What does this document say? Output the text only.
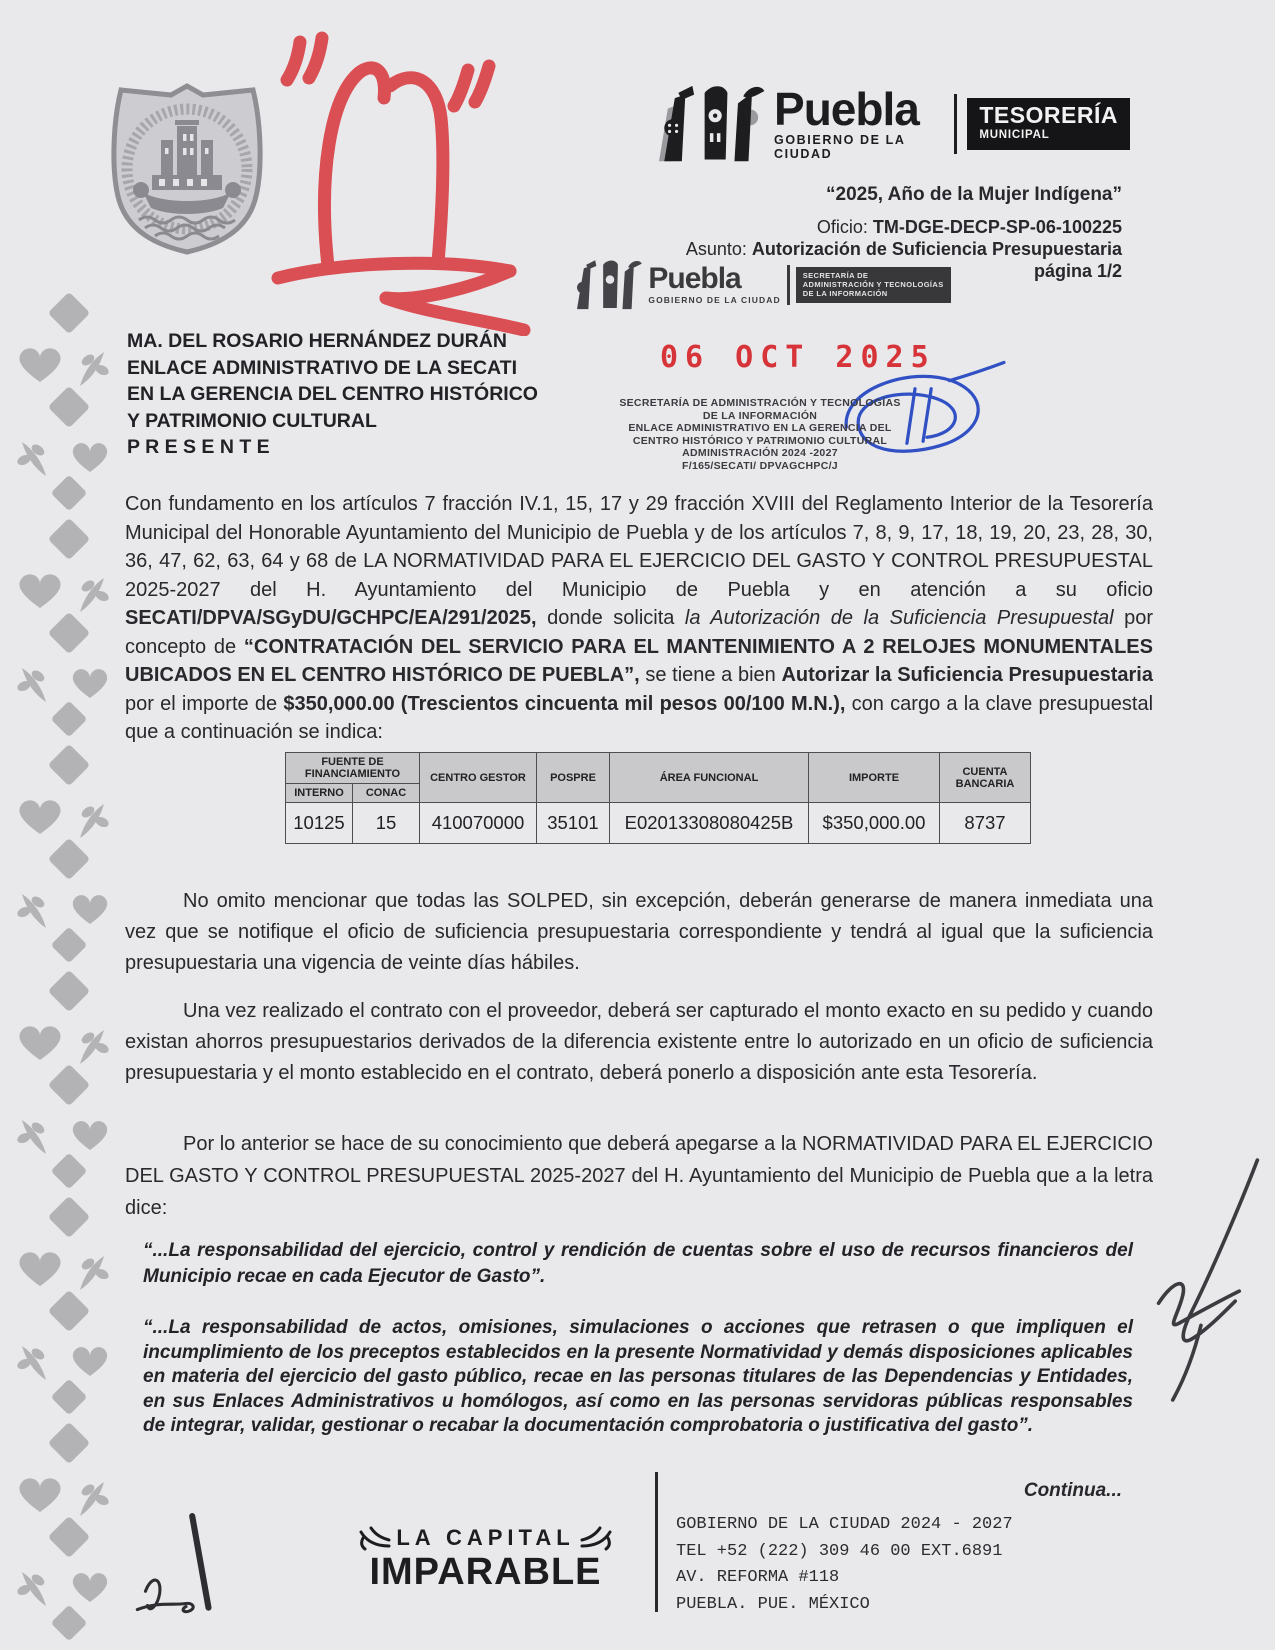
Puebla
GOBIERNO DE LA CIUDAD
TESORERÍA
MUNICIPAL
“2025, Año de la Mujer Indígena”
Oficio: TM-DGE-DECP-SP-06-100225
Asunto: Autorización de Suficiencia Presupuestaria
página 1/2
Puebla
GOBIERNO DE LA CIUDAD
SECRETARÍA DE
ADMINISTRACIÓN Y TECNOLOGÍAS
DE LA INFORMACIÓN
06 OCT 2025
SECRETARÍA DE ADMINISTRACIÓN Y TECNOLOGÍAS
DE LA INFORMACIÓN
ENLACE ADMINISTRATIVO EN LA GERENCIA DEL
CENTRO HISTÓRICO Y PATRIMONIO CULTURAL
ADMINISTRACIÓN 2024 -2027
F/165/SECATI/ DPVAGCHPC/J
MA. DEL ROSARIO HERNÁNDEZ DURÁN
ENLACE ADMINISTRATIVO DE LA SECATI
EN LA GERENCIA DEL CENTRO HISTÓRICO
Y PATRIMONIO CULTURAL
P R E S E N T E
Con fundamento en los artículos 7 fracción IV.1, 15, 17 y 29 fracción XVIII del Reglamento Interior de la Tesorería Municipal del Honorable Ayuntamiento del Municipio de Puebla y de los artículos 7, 8, 9, 17, 18, 19, 20, 23, 28, 30, 36, 47, 62, 63, 64 y 68 de LA NORMATIVIDAD PARA EL EJERCICIO DEL GASTO Y CONTROL PRESUPUESTAL 2025-2027 del H. Ayuntamiento del Municipio de Puebla y en atención a su oficio SECATI/DPVA/SGyDU/GCHPC/EA/291/2025, donde solicita la Autorización de la Suficiencia Presupuestal por concepto de “CONTRATACIÓN DEL SERVICIO PARA EL MANTENIMIENTO A 2 RELOJES MONUMENTALES UBICADOS EN EL CENTRO HISTÓRICO DE PUEBLA”, se tiene a bien Autorizar la Suficiencia Presupuestaria por el importe de $350,000.00 (Trescientos cincuenta mil pesos 00/100 M.N.), con cargo a la clave presupuestal que a continuación se indica:
FUENTE DE FINANCIAMIENTO		CENTRO GESTOR	POSPRE	ÁREA FUNCIONAL	IMPORTE	CUENTA BANCARIA
INTERNO	CONAC					
10125	15	410070000	35101	E02013308080425B	$350,000.00	8737
No omito mencionar que todas las SOLPED, sin excepción, deberán generarse de manera inmediata una vez que se notifique el oficio de suficiencia presupuestaria correspondiente y tendrá al igual que la suficiencia presupuestaria una vigencia de veinte días hábiles.
Una vez realizado el contrato con el proveedor, deberá ser capturado el monto exacto en su pedido y cuando existan ahorros presupuestarios derivados de la diferencia existente entre lo autorizado en un oficio de suficiencia presupuestaria y el monto establecido en el contrato, deberá ponerlo a disposición ante esta Tesorería.
Por lo anterior se hace de su conocimiento que deberá apegarse a la NORMATIVIDAD PARA EL EJERCICIO DEL GASTO Y CONTROL PRESUPUESTAL 2025-2027 del H. Ayuntamiento del Municipio de Puebla que a la letra dice:
“...La responsabilidad del ejercicio, control y rendición de cuentas sobre el uso de recursos financieros del Municipio recae en cada Ejecutor de Gasto”.
“...La responsabilidad de actos, omisiones, simulaciones o acciones que retrasen o que impliquen el incumplimiento de los preceptos establecidos en la presente Normatividad y demás disposiciones aplicables en materia del ejercicio del gasto público, recae en las personas titulares de las Dependencias y Entidades, en sus Enlaces Administrativos u homólogos, así como en las personas servidoras públicas responsables de integrar, validar, gestionar o recabar la documentación comprobatoria o justificativa del gasto”.
Continua...
LA CAPITAL
IMPARABLE
GOBIERNO DE LA CIUDAD 2024 - 2027
TEL +52 (222) 309 46 00 EXT.6891
AV. REFORMA #118
PUEBLA. PUE. MÉXICO
